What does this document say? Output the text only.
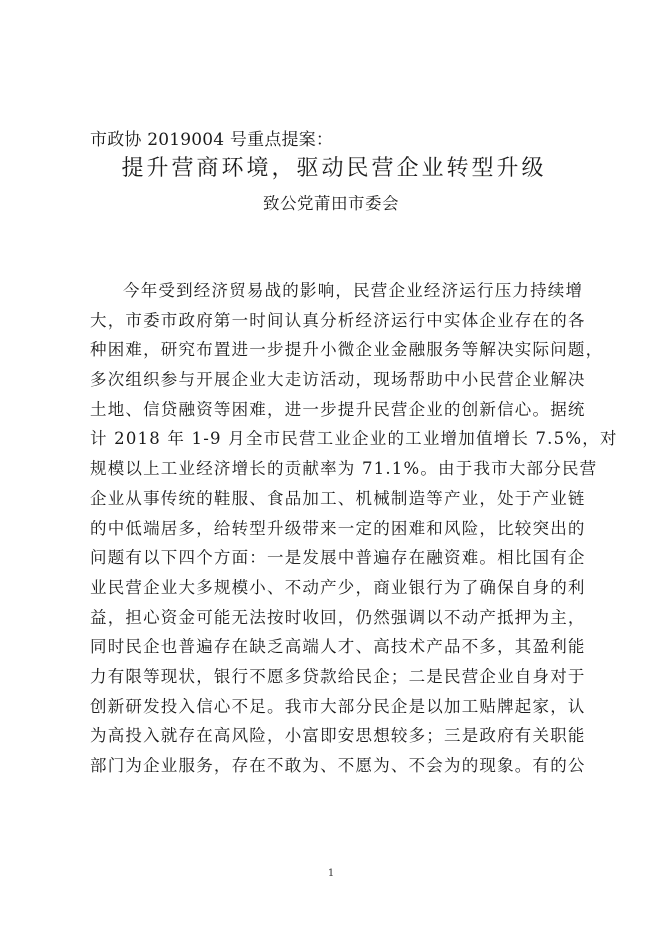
市政协 2019004 号重点提案：
提升营商环境，驱动民营企业转型升级
致公党莆田市委会
今年受到经济贸易战的影响，民营企业经济运行压力持续增
大，市委市政府第一时间认真分析经济运行中实体企业存在的各
种困难，研究布置进一步提升小微企业金融服务等解决实际问题，
多次组织参与开展企业大走访活动，现场帮助中小民营企业解决
土地、信贷融资等困难，进一步提升民营企业的创新信心。据统
计 2018 年 1-9 月全市民营工业企业的工业增加值增长 7.5%，对
规模以上工业经济增长的贡献率为 71.1%。由于我市大部分民营
企业从事传统的鞋服、食品加工、机械制造等产业，处于产业链
的中低端居多，给转型升级带来一定的困难和风险，比较突出的
问题有以下四个方面：一是发展中普遍存在融资难。相比国有企
业民营企业大多规模小、不动产少，商业银行为了确保自身的利
益，担心资金可能无法按时收回，仍然强调以不动产抵押为主，
同时民企也普遍存在缺乏高端人才、高技术产品不多，其盈利能
力有限等现状，银行不愿多贷款给民企；二是民营企业自身对于
创新研发投入信心不足。我市大部分民企是以加工贴牌起家，认
为高投入就存在高风险，小富即安思想较多；三是政府有关职能
部门为企业服务，存在不敢为、不愿为、不会为的现象。有的公
1
